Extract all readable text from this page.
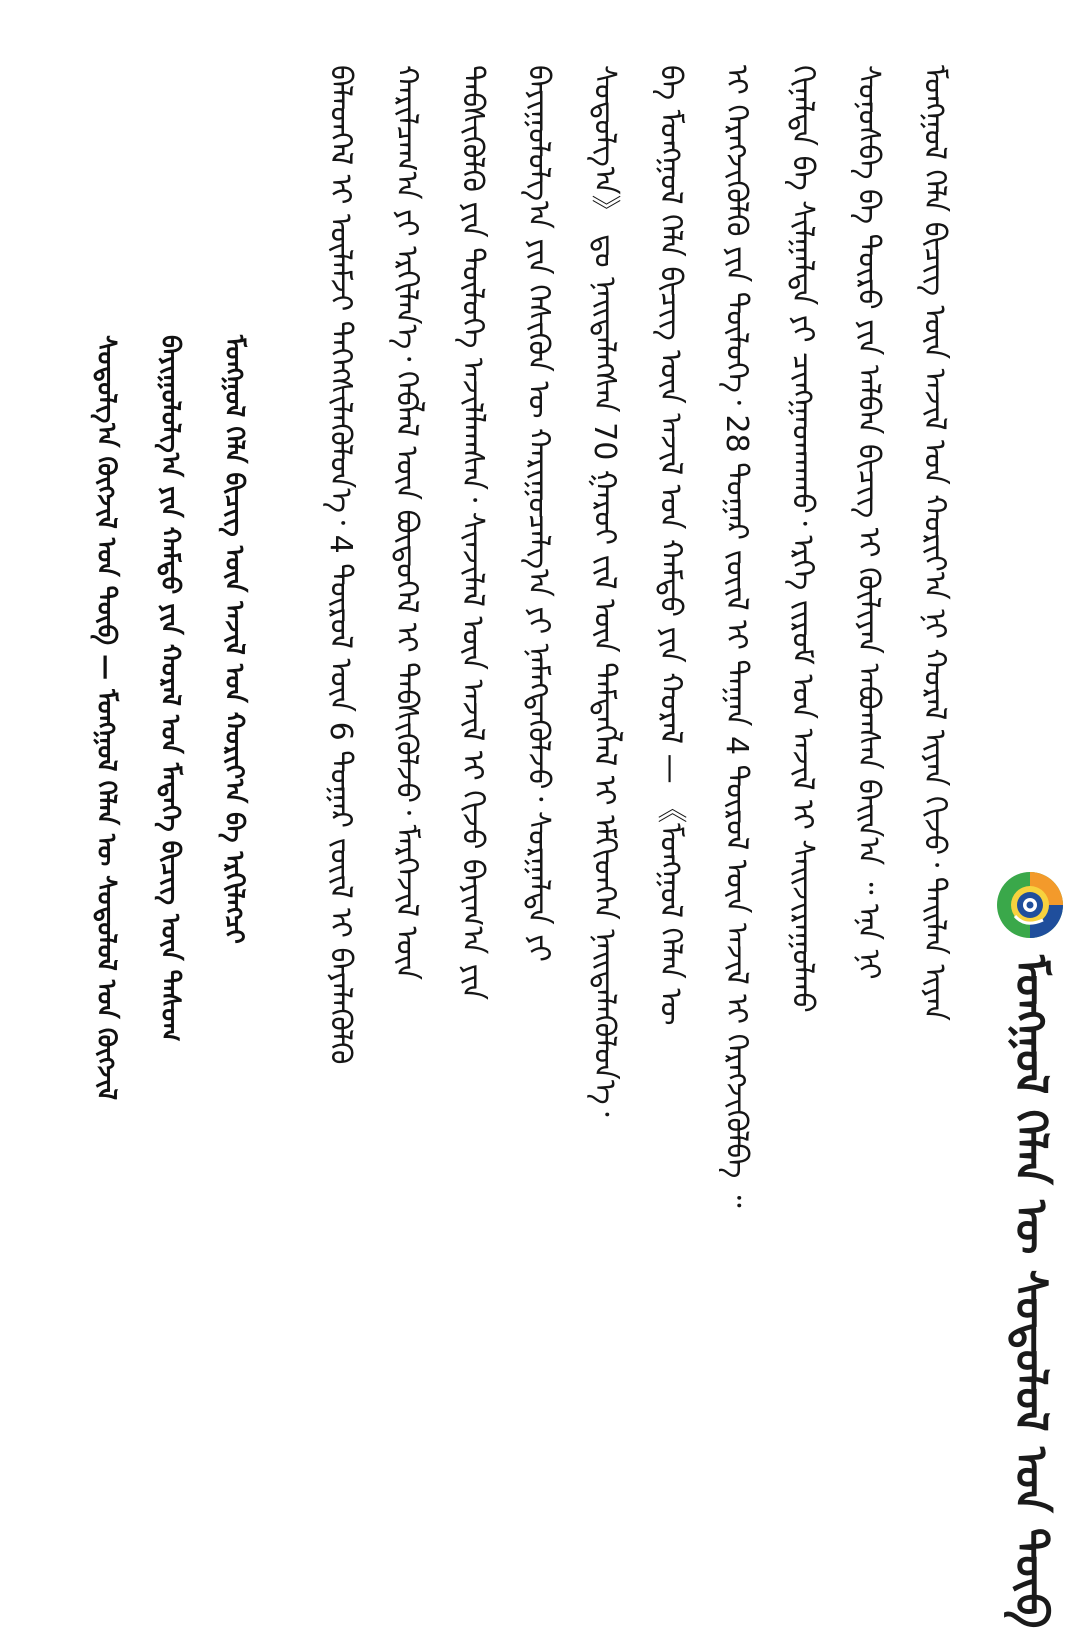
ᠮᠣᠩᠭᠣᠯ ᠬᠡᠯᠡᠨ ᠦ ᠰᠤᠳᠤᠯᠤᠯ ᠤᠨ ᠲᠥᠪ
ᠮᠣᠩᠭᠣᠯ ᠬᠡᠯᠡ ᠪᠢᠴᠢᠭ ᠦᠨ ᠠᠵᠢᠯ ᠤᠨ ᠬᠣᠷᠢᠶ᠎ᠠ ᠨᠢ ᠬᠤᠷᠠᠯ ᠢᠶᠠᠨ ᠬᠢᠵᠦ᠂ ᠲᠠᠢᠯᠠᠨ ᠢᠶᠠᠨ
ᠰᠣᠨᠣᠰᠪᠠ ᠪᠠ ᠲᠥᠷᠥ ᠶᠢᠨ ᠠᠯᠪᠠᠨ ᠪᠢᠴᠢᠭ ᠢ ᠬᠦᠯᠢᠶᠡᠨ ᠠᠪᠤᠭᠰᠠᠨ ᠪᠠᠢᠨ᠎ᠠ ᠃ ᠡᠨᠡ ᠨᠢ
ᠬᠢᠨᠠᠯᠲᠠ ᠪᠠ ᠰᠢᠯᠭᠠᠯᠲᠠ ᠶᠢ ᠴᠢᠩᠭᠠᠳᠬᠠᠬᠤ᠂ ᠡᠷᠬᠡ ᠵᠢᠷᠤᠮ ᠤᠨ ᠠᠵᠢᠯ ᠢ ᠰᠠᠢᠵᠢᠷᠠᠭᠤᠯᠬᠤ
ᠢ ᠬᠡᠷᠡᠭᠵᠢᠭᠦᠯᠬᠦ ᠶᠢᠨ ᠲᠥᠯᠦᠭᠡ᠂ 28 ᠳᠤᠭᠠᠷ ᠵᠦᠢᠯ ᠢ ᠳᠠᠭᠠᠨ 4 ᠲᠦᠷᠦᠯ ᠦᠨ ᠠᠵᠢᠯ ᠢ ᠬᠡᠷᠡᠭᠵᠢᠭᠦᠯᠪᠡ ᠃
ᠪᠠ ᠮᠣᠩᠭᠣᠯ ᠬᠡᠯᠡ ᠪᠢᠴᠢᠭ ᠦᠨ ᠠᠵᠢᠯ ᠤᠨ ᠬᠠᠮᠲᠤ ᠶᠢᠨ ᠬᠤᠷᠠᠯ — 《ᠮᠣᠩᠭᠣᠯ ᠬᠡᠯᠡᠨ ᠦ
ᠰᠤᠳᠤᠯᠭ᠎ᠠ》 ᠳᠤ ᠨᠡᠢᠲᠡᠯᠡᠭᠰᠡᠨ 70 ᠭᠠᠷᠤᠢ ᠵᠢᠯ ᠦᠨ ᠲᠡᠮᠳᠡᠭᠯᠡᠯ ᠢ ᠡᠮᠬᠢᠳᠬᠡᠨ ᠨᠡᠢᠲᠡᠯᠡᠭᠦᠯᠦᠨ᠎ᠡ᠂
ᠪᠠᠶᠢᠭᠤᠯᠤᠯᠭ᠎ᠠ ᠶᠢᠨ ᠭᠡᠰᠢᠭᠦᠨ ᠦ ᠬᠠᠷᠢᠭᠤᠴᠠᠯᠭ᠎ᠠ ᠶᠢ ᠨᠡᠮᠡᠭᠳᠡᠭᠦᠯᠵᠦ᠂ ᠰᠤᠷᠭᠠᠯᠲᠠ ᠶᠢ
ᠳᠡᠪᠰᠢᠭᠦᠯᠬᠦ ᠶᠢᠨ ᠲᠥᠯᠦᠭᠡ ᠠᠵᠢᠯᠯᠠᠭᠰᠠᠨ᠂ ᠰᠢᠨᠵᠢᠯᠡᠯ ᠦᠨ ᠠᠵᠢᠯ ᠢ ᠬᠢᠵᠦ ᠪᠠᠶᠢᠭ᠎ᠠ ᠶᠢᠨ
ᠬᠠᠷᠢᠯᠴᠠᠭ᠎ᠠ ᠶᠢ ᠡᠷᠬᠢᠯᠡᠨ᠎ᠡ᠂ ᠬᠡᠪᠯᠡᠯ ᠦᠨ ᠪᠦᠲᠦᠭᠡᠯ ᠢ ᠳᠡᠪᠰᠢᠭᠦᠯᠵᠦ᠂ ᠮᠡᠷᠭᠡᠵᠢᠯ ᠦᠨ
ᠪᠡᠯᠡᠳᠬᠡᠯ ᠢ ᠦᠯᠡᠮᠵᠢ ᠳᠡᠭᠡᠭᠰᠢᠯᠡᠭᠦᠯᠦᠨ᠎ᠡ᠂ 4 ᠲᠦᠷᠦᠯ ᠦᠨ 6 ᠳᠤᠭᠠᠷ ᠵᠦᠢᠯ ᠢ ᠪᠡᠶᠡᠯᠡᠭᠦᠯᠬᠦ
ᠮᠣᠩᠭᠣᠯ ᠬᠡᠯᠡ ᠪᠢᠴᠢᠭ ᠦᠨ ᠠᠵᠢᠯ ᠤᠨ ᠬᠣᠷᠢᠶ᠎ᠠ ᠪᠠ ᠡᠷᠬᠢᠯᠡᠭᠴᠢ
ᠪᠠᠶᠢᠭᠤᠯᠤᠯᠭ᠎ᠠ ᠶᠢᠨ ᠬᠠᠮᠲᠤ ᠶᠢᠨ ᠬᠤᠷᠠᠯ ᠤᠨ ᠮᠡᠳᠡᠭᠡ ᠪᠢᠴᠢᠭ ᠦᠨ ᠲᠠᠰᠤᠭ
ᠰᠤᠳᠤᠯᠭ᠎ᠠ ᠬᠥᠭᠵᠢᠯ ᠤᠨ ᠲᠥᠪ — ᠮᠣᠩᠭᠣᠯ ᠬᠡᠯᠡᠨ ᠦ ᠰᠤᠳᠤᠯᠤᠯ ᠤᠨ ᠬᠥᠭᠵᠢᠯ
